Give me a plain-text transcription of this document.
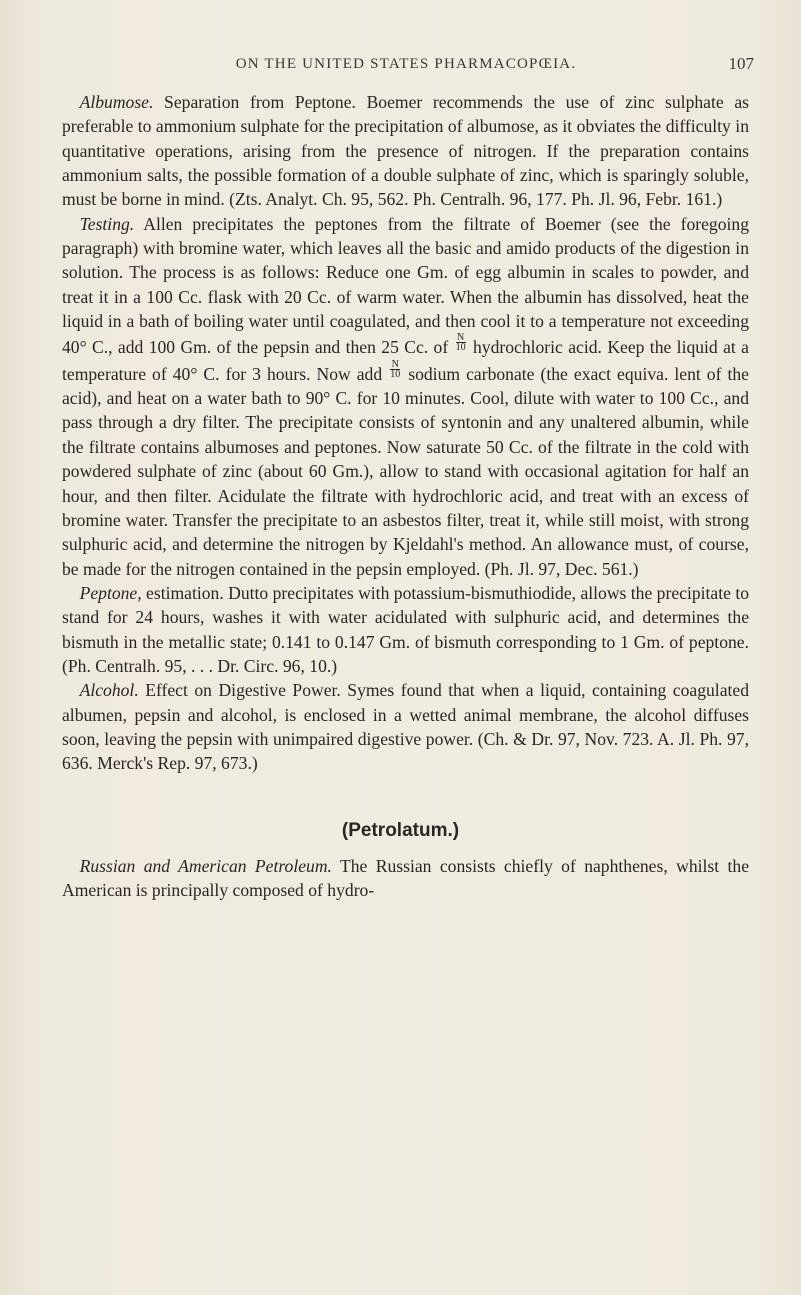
ON THE UNITED STATES PHARMACOPŒIA.	107

 Albumose. Separation from Peptone. Boemer recommends the use of zinc sulphate as preferable to ammonium sulphate for the precipitation of albumose, as it obviates the difficulty in quantitative operations, arising from the presence of nitrogen. If the preparation contains ammonium salts, the possible formation of a double sulphate of zinc, which is sparingly soluble, must be borne in mind. (Zts. Analyt. Ch. 95, 562. Ph. Centralh. 96, 177. Ph. Jl. 96, Febr. 161.)

 Testing. Allen precipitates the peptones from the filtrate of Boemer (see the foregoing paragraph) with bromine water, which leaves all the basic and amido products of the digestion in solution. The process is as follows: Reduce one Gm. of egg albumin in scales to powder, and treat it in a 100 Cc. flask with 20 Cc. of warm water. When the albumin has dissolved, heat the liquid in a bath of boiling water until coagulated, and then cool it to a temperature not exceeding 40° C., add 100 Gm. of the pepsin and then 25 Cc. of $\frac{N}{10}$ hydrochloric acid. Keep the liquid at a temperature of 40° C. for 3 hours. Now add $\frac{N}{10}$ sodium carbonate (the exact equiva. lent of the acid), and heat on a water bath to 90° C. for 10 minutes. Cool, dilute with water to 100 Cc., and pass through a dry filter. The precipitate consists of syntonin and any unaltered albumin, while the filtrate contains albumoses and peptones. Now saturate 50 Cc. of the filtrate in the cold with powdered sulphate of zinc (about 60 Gm.), allow to stand with occasional agitation for half an hour, and then filter. Acidulate the filtrate with hydrochloric acid, and treat with an excess of bromine water. Transfer the precipitate to an asbestos filter, treat it, while still moist, with strong sulphuric acid, and determine the nitrogen by Kjeldahl's method. An allowance must, of course, be made for the nitrogen contained in the pepsin employed. (Ph. Jl. 97, Dec. 561.)

 Peptone, estimation. Dutto precipitates with potassium-bismuthiodide, allows the precipitate to stand for 24 hours, washes it with water acidulated with sulphuric acid, and determines the bismuth in the metallic state; 0.141 to 0.147 Gm. of bismuth corresponding to 1 Gm. of peptone. (Ph. Centralh. 95, . . . Dr. Circ. 96, 10.)

 Alcohol. Effect on Digestive Power. Symes found that when a liquid, containing coagulated albumen, pepsin and alcohol, is enclosed in a wetted animal membrane, the alcohol diffuses soon, leaving the pepsin with unimpaired digestive power. (Ch. & Dr. 97, Nov. 723. A. Jl. Ph. 97, 636. Merck's Rep. 97, 673.)

(Petrolatum.)

 Russian and American Petroleum. The Russian consists chiefly of naphthenes, whilst the American is principally composed of hydro-
